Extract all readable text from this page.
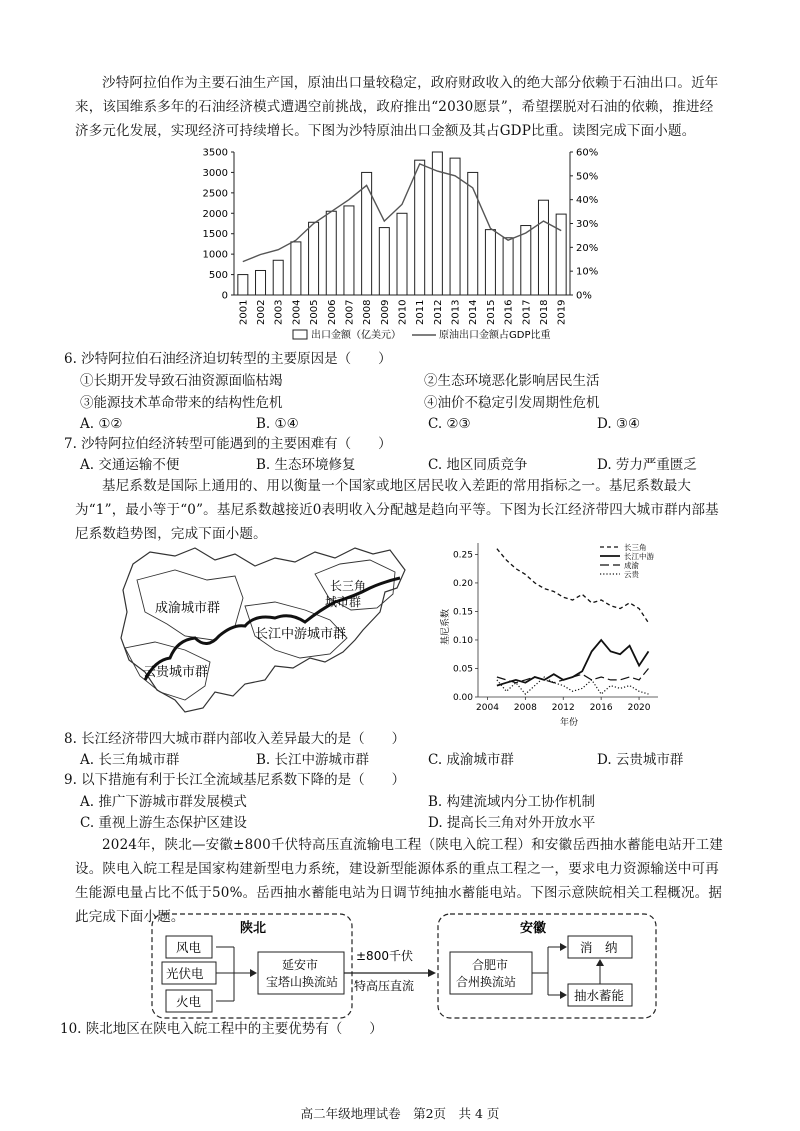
沙特阿拉伯作为主要石油生产国，原油出口量较稳定，政府财政收入的绝大部分依赖于石油出口。近年来，该国维系多年的石油经济模式遭遇空前挑战，政府推出“2030愿景”，希望摆脱对石油的依赖，推进经济多元化发展，实现经济可持续增长。下图为沙特原油出口金额及其占GDP比重。读图完成下面小题。
3500
3000
2500
2000
1500
1000
500
0
60%
50%
40%
30%
20%
10%
0%
2001 2002 2003 2004 2005 2006 2007 2008 2009 2010 2011 2012 2013 2014 2015 2016 2017 2018 2019
出口金额（亿美元）	原油出口金额占GDP比重
6. 沙特阿拉伯石油经济迫切转型的主要原因是（　　）
①长期开发导致石油资源面临枯竭	②生态环境恶化影响居民生活
③能源技术革命带来的结构性危机	④油价不稳定引发周期性危机
A. ①②	B. ①④	C. ②③	D. ③④
7. 沙特阿拉伯经济转型可能遇到的主要困难有（　　）
A. 交通运输不便	B. 生态环境修复	C. 地区同质竞争	D. 劳力严重匮乏
基尼系数是国际上通用的、用以衡量一个国家或地区居民收入差距的常用指标之一。基尼系数最大为“1”，最小等于“0”。基尼系数越接近0表明收入分配越是趋向平等。下图为长江经济带四大城市群内部基尼系数趋势图，完成下面小题。
成渝城市群
长三角
城市群
长江中游城市群
云贵城市群
0.25
0.20
0.15
0.10
0.05
0.00
2004 2008 2012 2016 2020
基尼系数
年份
长三角
长江中游
成渝
云贵
8. 长江经济带四大城市群内部收入差异最大的是（　　）
A. 长三角城市群	B. 长江中游城市群	C. 成渝城市群	D. 云贵城市群
9. 以下措施有利于长江全流域基尼系数下降的是（　　）
A. 推广下游城市群发展模式	B. 构建流域内分工协作机制
C. 重视上游生态保护区建设	D. 提高长三角对外开放水平
2024年，陕北—安徽±800千伏特高压直流输电工程（陕电入皖工程）和安徽岳西抽水蓄能电站开工建设。陕电入皖工程是国家构建新型电力系统，建设新型能源体系的重点工程之一，要求电力资源输送中可再生能源电量占比不低于50%。岳西抽水蓄能电站为日调节纯抽水蓄能电站。下图示意陕皖相关工程概况。据此完成下面小题。
陕北
风电
光伏电
火电
延安市
宝塔山换流站
±800千伏
特高压直流
安徽
合肥市
合州换流站
消　纳
抽水蓄能
10. 陕北地区在陕电入皖工程中的主要优势有（　　）
高二年级地理试卷　第2页　共 4 页
